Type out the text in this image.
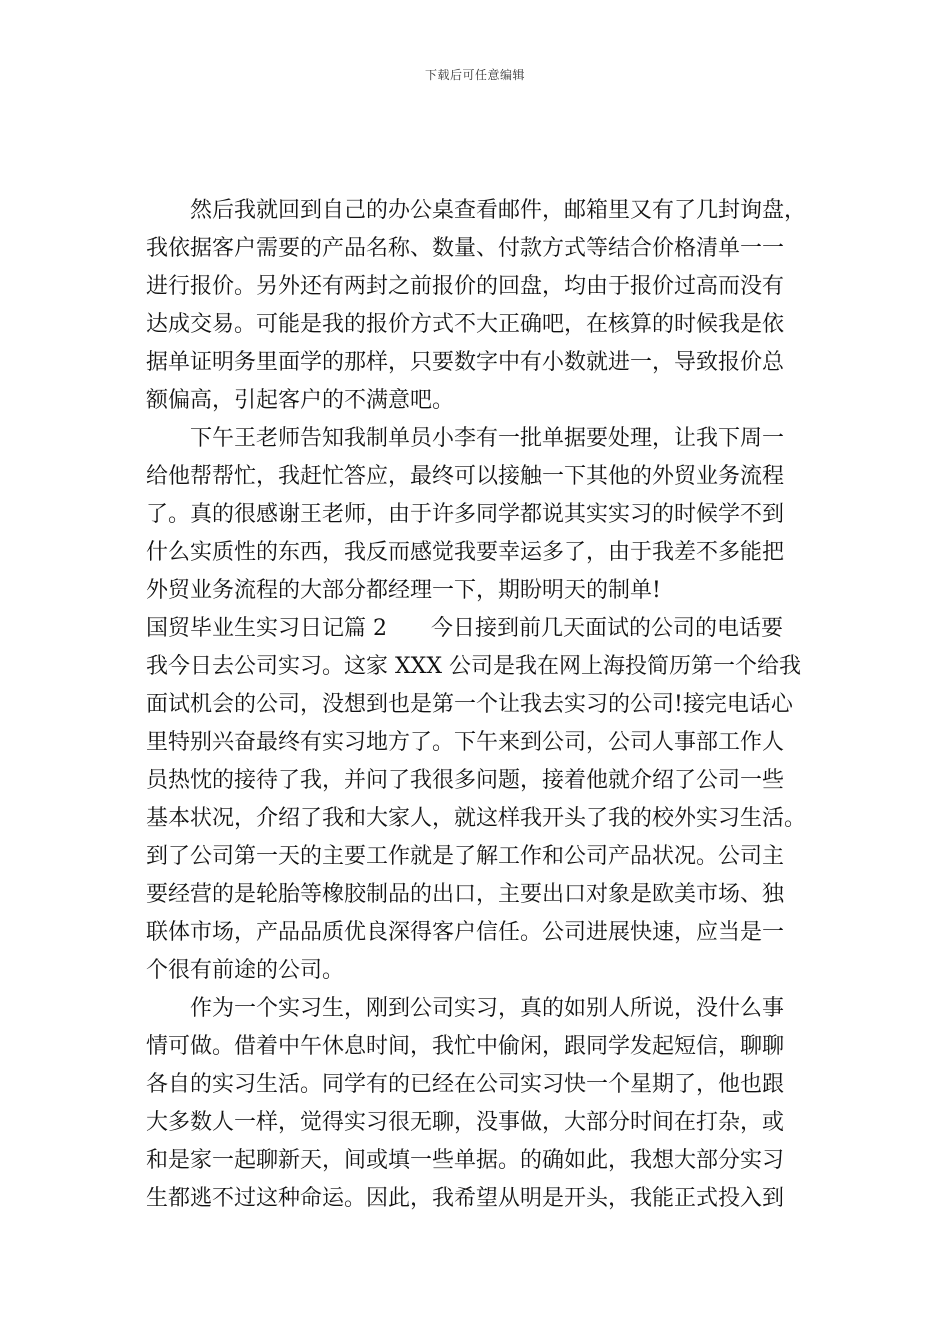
下载后可任意编辑
然后我就回到自己的办公桌查看邮件，邮箱里又有了几封询盘，
我依据客户需要的产品名称、数量、付款方式等结合价格清单一一
进行报价。另外还有两封之前报价的回盘，均由于报价过高而没有
达成交易。可能是我的报价方式不大正确吧，在核算的时候我是依
据单证明务里面学的那样，只要数字中有小数就进一，导致报价总
额偏高，引起客户的不满意吧。
下午王老师告知我制单员小李有一批单据要处理，让我下周一
给他帮帮忙，我赶忙答应，最终可以接触一下其他的外贸业务流程
了。真的很感谢王老师，由于许多同学都说其实实习的时候学不到
什么实质性的东西，我反而感觉我要幸运多了，由于我差不多能把
外贸业务流程的大部分都经理一下，期盼明天的制单!
国贸毕业生实习日记篇 2　　今日接到前几天面试的公司的电话要
我今日去公司实习。这家 XXX 公司是我在网上海投简历第一个给我
面试机会的公司，没想到也是第一个让我去实习的公司!接完电话心
里特别兴奋最终有实习地方了。下午来到公司，公司人事部工作人
员热忱的接待了我，并问了我很多问题，接着他就介绍了公司一些
基本状况，介绍了我和大家人，就这样我开头了我的校外实习生活。
到了公司第一天的主要工作就是了解工作和公司产品状况。公司主
要经营的是轮胎等橡胶制品的出口，主要出口对象是欧美市场、独
联体市场，产品品质优良深得客户信任。公司进展快速，应当是一
个很有前途的公司。
作为一个实习生，刚到公司实习，真的如别人所说，没什么事
情可做。借着中午休息时间，我忙中偷闲，跟同学发起短信，聊聊
各自的实习生活。同学有的已经在公司实习快一个星期了，他也跟
大多数人一样，觉得实习很无聊，没事做，大部分时间在打杂，或
和是家一起聊新天，间或填一些单据。的确如此，我想大部分实习
生都逃不过这种命运。因此，我希望从明是开头，我能正式投入到
